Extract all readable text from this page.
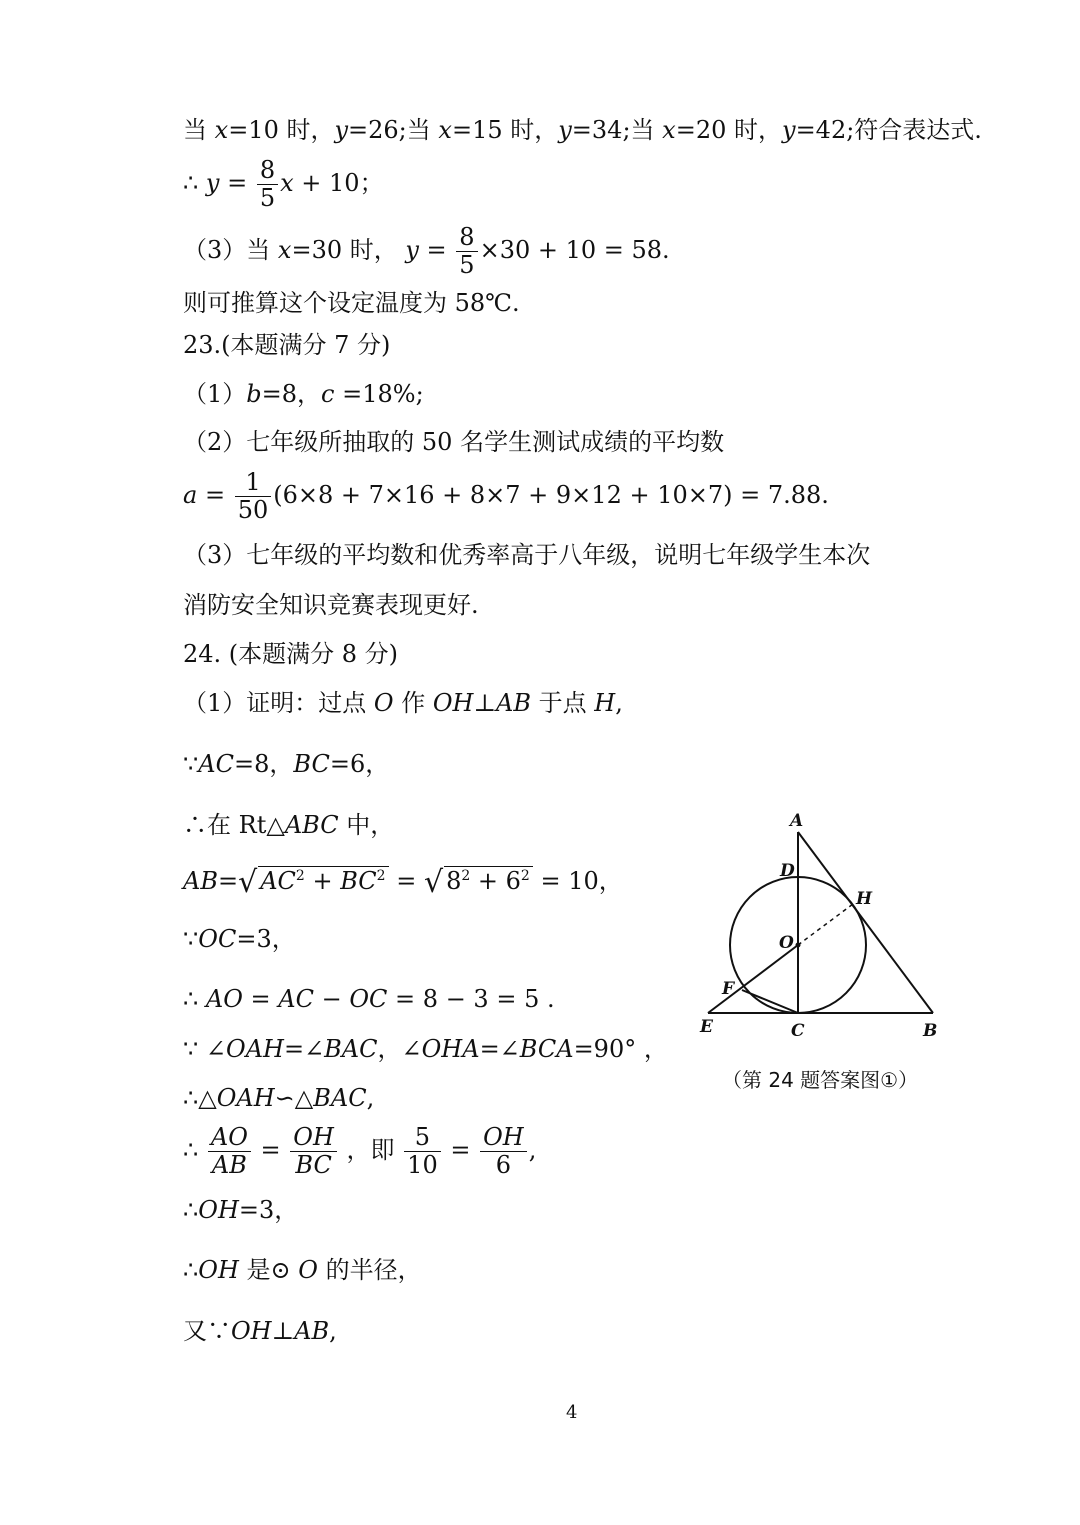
当 x=10 时，y=26;当 x=15 时，y=34;当 x=20 时，y=42;符合表达式.
∴ $y = \frac{8}{5}$ x + 10；
（3）当 x=30 时， $y = \frac{8}{5} \times 30 + 10 = 58$.
则可推算这个设定温度为 58℃.
23.(本题满分 7 分)
（1）b=8，c =18%;
（2）七年级所抽取的 50 名学生测试成绩的平均数
$a = \frac{1}{50} (6\times 8 + 7\times 16 + 8\times 7 + 9\times 12 + 10\times 7) = 7.88$.
（3）七年级的平均数和优秀率高于八年级，说明七年级学生本次
消防安全知识竞赛表现更好.
24. (本题满分 8 分)
（1）证明：过点 O 作 OH⊥AB 于点 H,
∵AC=8，BC=6，
∴在 Rt△ABC 中，
AB=√ $AC^2 + BC^2$ = √ $8^2 + 6^2 = 10$，
∵OC=3，
∴ AO = AC − OC = 8 − 3 = 5 .
∵ ∠OAH=∠BAC，∠OHA=∠BCA=90° ，
∴△OAH∽△BAC,
∴ $\frac{AO}{AB} = \frac{OH}{BC}$ ，即 $\frac{5}{10} = \frac{OH}{6}$ ,
∴OH=3，
∴OH 是⊙ O 的半径，
又∵OH⊥AB,
A
D
H
O
F
E	C	B
（第 24 题答案图①）
4
